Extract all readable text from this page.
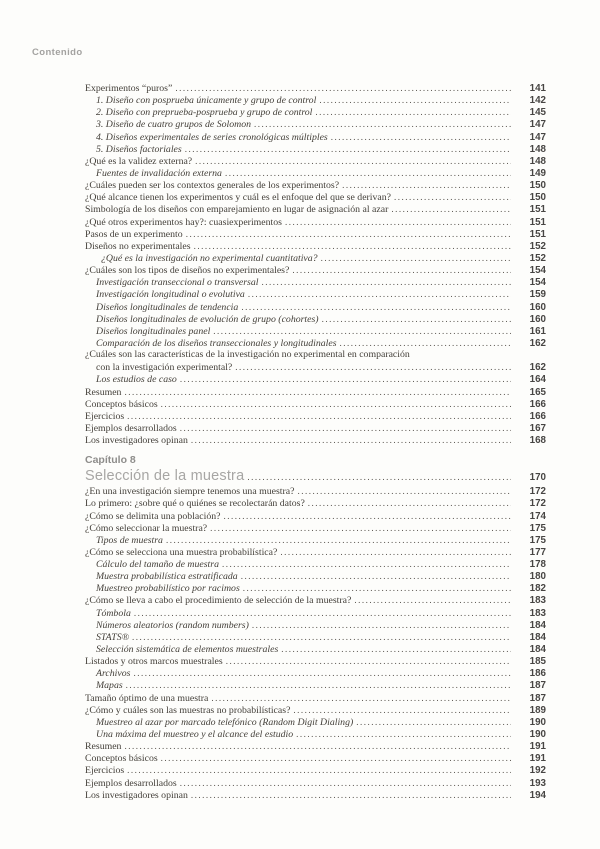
Contenido
Experimentos “puros” .....	141
1. Diseño con posprueba únicamente y grupo de control .....	142
2. Diseño con preprueba-posprueba y grupo de control .....	145
3. Diseño de cuatro grupos de Solomon .....	147
4. Diseños experimentales de series cronológicas múltiples .....	147
5. Diseños factoriales .....	148
¿Qué es la validez externa? .....	148
Fuentes de invalidación externa .....	149
¿Cuáles pueden ser los contextos generales de los experimentos? .....	150
¿Qué alcance tienen los experimentos y cuál es el enfoque del que se derivan? .....	150
Simbología de los diseños con emparejamiento en lugar de asignación al azar .....	151
¿Qué otros experimentos hay?: cuasiexperimentos .....	151
Pasos de un experimento .....	151
Diseños no experimentales .....	152
¿Qué es la investigación no experimental cuantitativa? .....	152
¿Cuáles son los tipos de diseños no experimentales? .....	154
Investigación transeccional o transversal .....	154
Investigación longitudinal o evolutiva .....	159
Diseños longitudinales de tendencia .....	160
Diseños longitudinales de evolución de grupo (cohortes) .....	160
Diseños longitudinales panel .....	161
Comparación de los diseños transeccionales y longitudinales .....	162
¿Cuáles son las características de la investigación no experimental en comparación
con la investigación experimental? .....	162
Los estudios de caso .....	164
Resumen .....	165
Conceptos básicos .....	166
Ejercicios .....	166
Ejemplos desarrollados .....	167
Los investigadores opinan .....	168
Capítulo 8
Selección de la muestra .....	170
¿En una investigación siempre tenemos una muestra? .....	172
Lo primero: ¿sobre qué o quiénes se recolectarán datos? .....	172
¿Cómo se delimita una población? .....	174
¿Cómo seleccionar la muestra? .....	175
Tipos de muestra .....	175
¿Cómo se selecciona una muestra probabilística? .....	177
Cálculo del tamaño de muestra .....	178
Muestra probabilística estratificada .....	180
Muestreo probabilístico por racimos .....	182
¿Cómo se lleva a cabo el procedimiento de selección de la muestra? .....	183
Tómbola .....	183
Números aleatorios (random numbers) .....	184
STATS® .....	184
Selección sistemática de elementos muestrales .....	184
Listados y otros marcos muestrales .....	185
Archivos .....	186
Mapas .....	187
Tamaño óptimo de una muestra .....	187
¿Cómo y cuáles son las muestras no probabilísticas? .....	189
Muestreo al azar por marcado telefónico (Random Digit Dialing) .....	190
Una máxima del muestreo y el alcance del estudio .....	190
Resumen .....	191
Conceptos básicos .....	191
Ejercicios .....	192
Ejemplos desarrollados .....	193
Los investigadores opinan .....	194
